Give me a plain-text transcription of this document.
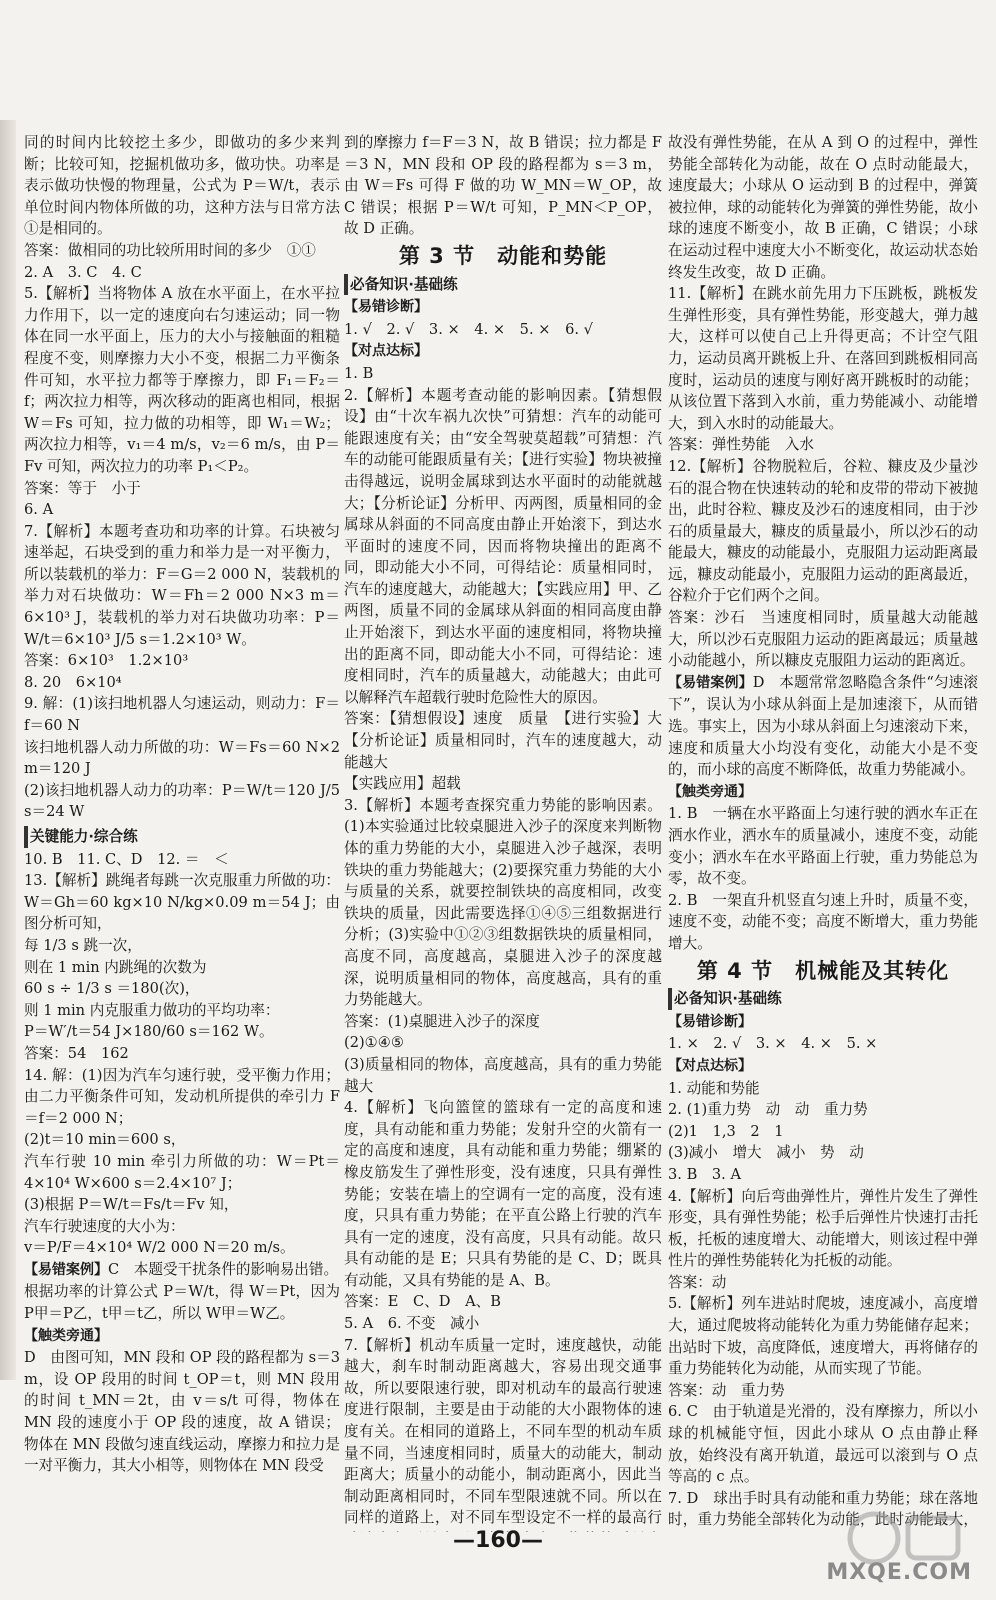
同的时间内比较挖土多少，即做功的多少来判断；比较可知，挖掘机做功多，做功快。功率是表示做功快慢的物理量，公式为 P＝W/t，表示单位时间内物体所做的功，这种方法与日常方法①是相同的。

答案：做相同的功比较所用时间的多少　①①

2. A　3. C　4. C

5.【解析】当将物体 A 放在水平面上，在水平拉力作用下，以一定的速度向右匀速运动；同一物体在同一水平面上，压力的大小与接触面的粗糙程度不变，则摩擦力大小不变，根据二力平衡条件可知，水平拉力都等于摩擦力，即 F₁＝F₂＝f；两次拉力相等，两次移动的距离也相同，根据 W＝Fs 可知，拉力做的功相等，即 W₁＝W₂；两次拉力相等，v₁＝4 m/s，v₂＝6 m/s，由 P＝Fv 可知，两次拉力的功率 P₁＜P₂。

答案：等于　小于

6. A

7.【解析】本题考查功和功率的计算。石块被匀速举起，石块受到的重力和举力是一对平衡力，所以装载机的举力：F＝G＝2 000 N，装载机的举力对石块做功：W＝Fh＝2 000 N×3 m＝6×10³ J，装载机的举力对石块做功功率：P＝W/t＝6×10³ J/5 s＝1.2×10³ W。

答案：6×10³　1.2×10³

8. 20　6×10⁴

9. 解：(1)该扫地机器人匀速运动，则动力：F＝f＝60 N

该扫地机器人动力所做的功：W＝Fs＝60 N×2 m＝120 J

(2)该扫地机器人动力的功率：P＝W/t＝120 J/5 s＝24 W

关键能力·综合练

10. B　11. C、D　12. ＝　＜

13.【解析】跳绳者每跳一次克服重力所做的功：W＝Gh＝60 kg×10 N/kg×0.09 m＝54 J；由图分析可知，

每 1/3 s 跳一次，

则在 1 min 内跳绳的次数为

60 s ÷ 1/3 s ＝180(次)，

则 1 min 内克服重力做功的平均功率：

P＝W′/t＝54 J×180/60 s＝162 W。

答案：54　162

14. 解：(1)因为汽车匀速行驶，受平衡力作用；由二力平衡条件可知，发动机所提供的牵引力 F＝f＝2 000 N；

(2)t＝10 min＝600 s，

汽车行驶 10 min 牵引力所做的功：W＝Pt＝4×10⁴ W×600 s＝2.4×10⁷ J；

(3)根据 P＝W/t＝Fs/t＝Fv 知，

汽车行驶速度的大小为：

v＝P/F＝4×10⁴ W/2 000 N＝20 m/s。

【易错案例】C　本题受干扰条件的影响易出错。

根据功率的计算公式 P＝W/t，得 W＝Pt，因为 P甲＝P乙，t甲＝t乙，所以 W甲＝W乙。

【触类旁通】

D　由图可知，MN 段和 OP 段的路程都为 s＝3 m，设 OP 段用的时间 t_OP＝t，则 MN 段用的时间 t_MN＝2t，由 v＝s/t 可得，物体在 MN 段的速度小于 OP 段的速度，故 A 错误；物体在 MN 段做匀速直线运动，摩擦力和拉力是一对平衡力，其大小相等，则物体在 MN 段受

到的摩擦力 f＝F＝3 N，故 B 错误；拉力都是 F＝3 N，MN 段和 OP 段的路程都为 s＝3 m，由 W＝Fs 可得 F 做的功 W_MN＝W_OP，故 C 错误；根据 P＝W/t 可知，P_MN＜P_OP，故 D 正确。

第 3 节　动能和势能
必备知识·基础练

【易错诊断】

1. √　2. √　3. ×　4. ×　5. ×　6. √

【对点达标】

1. B

2.【解析】本题考查动能的影响因素。【猜想假设】由“十次车祸九次快”可猜想：汽车的动能可能跟速度有关；由“安全驾驶莫超载”可猜想：汽车的动能可能跟质量有关；【进行实验】物块被撞击得越远，说明金属球到达水平面时的动能就越大；【分析论证】分析甲、丙两图，质量相同的金属球从斜面的不同高度由静止开始滚下，到达水平面时的速度不同，因而将物块撞出的距离不同，即动能大小不同，可得结论：质量相同时，汽车的速度越大，动能越大；【实践应用】甲、乙两图，质量不同的金属球从斜面的相同高度由静止开始滚下，到达水平面的速度相同，将物块撞出的距离不同，即动能大小不同，可得结论：速度相同时，汽车的质量越大，动能越大；由此可以解释汽车超载行驶时危险性大的原因。

答案：【猜想假设】速度　质量　【进行实验】大　【分析论证】质量相同时，汽车的速度越大，动能越大

【实践应用】超载

3.【解析】本题考查探究重力势能的影响因素。(1)本实验通过比较桌腿进入沙子的深度来判断物体的重力势能的大小，桌腿进入沙子越深，表明铁块的重力势能越大；(2)要探究重力势能的大小与质量的关系，就要控制铁块的高度相同，改变铁块的质量，因此需要选择①④⑤三组数据进行分析；(3)实验中①②③组数据铁块的质量相同，高度不同，高度越高，桌腿进入沙子的深度越深，说明质量相同的物体，高度越高，具有的重力势能越大。

答案：(1)桌腿进入沙子的深度

(2)①④⑤

(3)质量相同的物体，高度越高，具有的重力势能越大

4.【解析】飞向篮筐的篮球有一定的高度和速度，具有动能和重力势能；发射升空的火箭有一定的高度和速度，具有动能和重力势能；绷紧的橡皮筋发生了弹性形变，没有速度，只具有弹性势能；安装在墙上的空调有一定的高度，没有速度，只具有重力势能；在平直公路上行驶的汽车具有一定的速度，没有高度，只具有动能。故只具有动能的是 E；只具有势能的是 C、D；既具有动能，又具有势能的是 A、B。

答案：E　C、D　A、B

5. A　6. 不变　减小

7.【解析】机动车质量一定时，速度越快，动能越大，刹车时制动距离越大，容易出现交通事故，所以要限速行驶，即对机动车的最高行驶速度进行限制，主要是由于动能的大小跟物体的速度有关。在相同的道路上，不同车型的机动车质量不同，当速度相同时，质量大的动能大，制动距离大；质量小的动能小，制动距离小，因此当制动距离相同时，不同车型限速就不同。所以在同样的道路上，对不同车型设定不一样的最高行

故没有弹性势能，在从 A 到 O 的过程中，弹性势能全部转化为动能，故在 O 点时动能最大，速度最大；小球从 O 运动到 B 的过程中，弹簧被拉伸，球的动能转化为弹簧的弹性势能，故小球的速度不断变小，故 B 正确，C 错误；小球在运动过程中速度大小不断变化，故运动状态始终发生改变，故 D 正确。

11.【解析】在跳水前先用力下压跳板，跳板发生弹性形变，具有弹性势能，形变越大，弹力越大，这样可以使自己上升得更高；不计空气阻力，运动员离开跳板上升、在落回到跳板相同高度时，运动员的速度与刚好离开跳板时的动能；从该位置下落到入水前，重力势能减小、动能增大，到入水时的动能最大。

答案：弹性势能　入水

12.【解析】谷物脱粒后，谷粒、糠皮及少量沙石的混合物在快速转动的轮和皮带的带动下被抛出，此时谷粒、糠皮及沙石的速度相同，由于沙石的质量最大，糠皮的质量最小，所以沙石的动能最大，糠皮的动能最小，克服阻力运动距离最远，糠皮动能最小，克服阻力运动的距离最近，谷粒介于它们两个之间。

答案：沙石　当速度相同时，质量越大动能越大，所以沙石克服阻力运动的距离最远；质量越小动能越小，所以糠皮克服阻力运动的距离近。

【易错案例】D　本题常常忽略隐含条件“匀速滚下”，误认为小球从斜面上是加速滚下，从而错选。事实上，因为小球从斜面上匀速滚动下来，速度和质量大小均没有变化，动能大小是不变的，而小球的高度不断降低，故重力势能减小。

【触类旁通】

1. B　一辆在水平路面上匀速行驶的洒水车正在洒水作业，洒水车的质量减小，速度不变，动能变小；洒水车在水平路面上行驶，重力势能总为零，故不变。

2. B　一架直升机竖直匀速上升时，质量不变，速度不变，动能不变；高度不断增大，重力势能增大。

第 4 节　机械能及其转化
必备知识·基础练

【易错诊断】

1. ×　2. √　3. ×　4. ×　5. ×

【对点达标】

1. 动能和势能

2. (1)重力势　动　动　重力势

(2)1　1,3　2　1

(3)减小　增大　减小　势　动

3. B　3. A

4.【解析】向后弯曲弹性片，弹性片发生了弹性形变，具有弹性势能；松手后弹性片快速打击托板，托板的速度增大、动能增大，则该过程中弹性片的弹性势能转化为托板的动能。

答案：动

5.【解析】列车进站时爬坡，速度减小，高度增大，通过爬坡将动能转化为重力势能储存起来；出站时下坡，高度降低，速度增大，再将储存的重力势能转化为动能，从而实现了节能。

答案：动　重力势

6. C　由于轨道是光滑的，没有摩擦力，所以小球的机械能守恒，因此小球从 O 点由静止释放，始终没有离开轨道，最远可以滚到与 O 点等高的 c 点。

7. D　球出手时具有动能和重力势能；球在落地时，重力势能全部转化为动能，此时动能最大，

—160—
MXQE.COM
